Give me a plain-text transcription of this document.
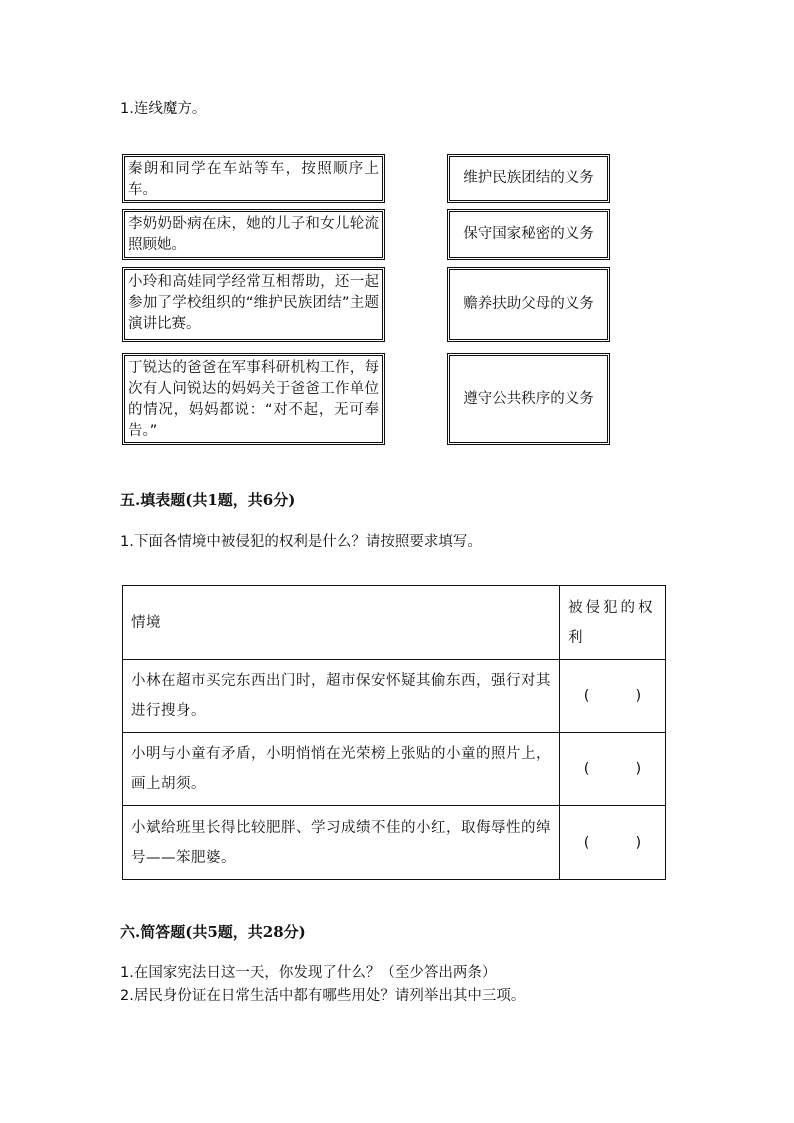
1.连线魔方。
秦朗和同学在车站等车，按照顺序上车。
李奶奶卧病在床，她的儿子和女儿轮流照顾她。
小玲和高娃同学经常互相帮助，还一起参加了学校组织的“维护民族团结”主题演讲比赛。
丁锐达的爸爸在军事科研机构工作，每次有人问锐达的妈妈关于爸爸工作单位的情况，妈妈都说：“对不起，无可奉告。”
维护民族团结的义务
保守国家秘密的义务
赡养扶助父母的义务
遵守公共秩序的义务
五.填表题(共1题，共6分)
1.下面各情境中被侵犯的权利是什么？请按照要求填写。
情境	被侵犯的权利
小林在超市买完东西出门时，超市保安怀疑其偷东西，强行对其进行搜身。	(          )
小明与小童有矛盾，小明悄悄在光荣榜上张贴的小童的照片上，画上胡须。	(          )
小斌给班里长得比较肥胖、学习成绩不佳的小红，取侮辱性的绰号——笨肥婆。	(          )
六.简答题(共5题，共28分)
1.在国家宪法日这一天，你发现了什么？（至少答出两条）
2.居民身份证在日常生活中都有哪些用处？请列举出其中三项。
